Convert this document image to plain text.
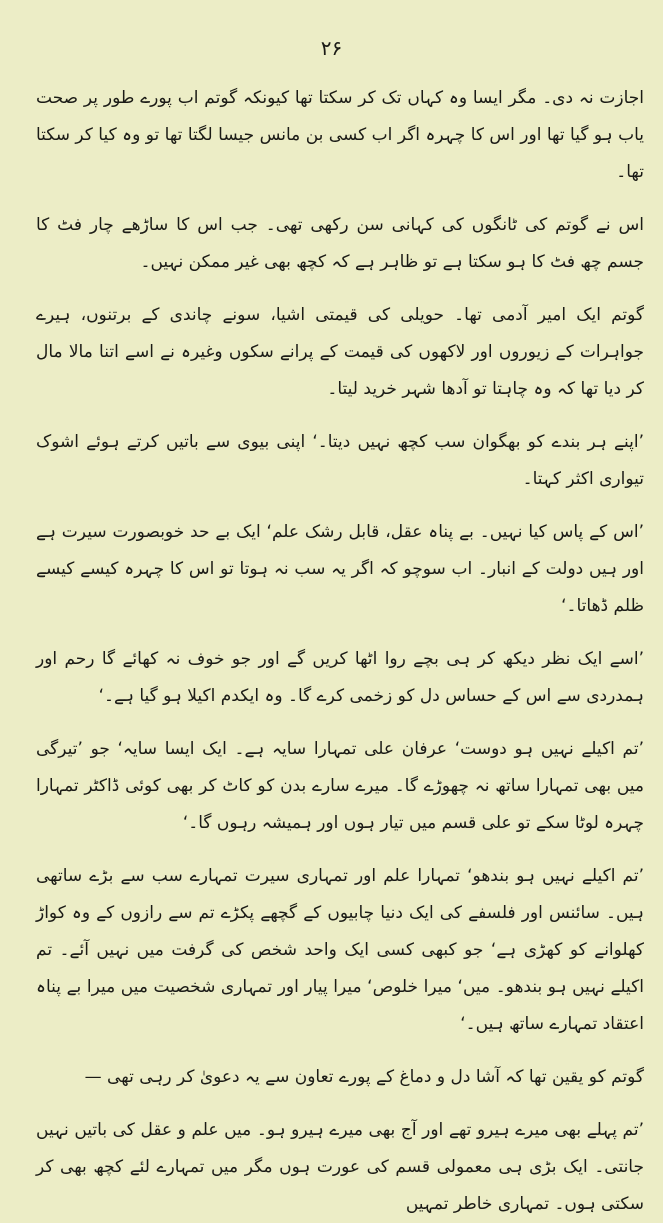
۲۶

اجازت نہ دی۔ مگر ایسا وہ کہاں تک کر سکتا تھا کیونکہ گوتم اب پورے طور پر صحت یاب ہو گیا تھا اور اس کا چہرہ اگر اب کسی بن مانس جیسا لگتا تھا تو وہ کیا کر سکتا تھا۔

اس نے گوتم کی ٹانگوں کی کہانی سن رکھی تھی۔ جب اس کا ساڑھے چار فٹ کا جسم چھ فٹ کا ہو سکتا ہے تو ظاہر ہے کہ کچھ بھی غیر ممکن نہیں۔

گوتم ایک امیر آدمی تھا۔ حویلی کی قیمتی اشیا، سونے چاندی کے برتنوں، ہیرے جواہرات کے زیوروں اور لاکھوں کی قیمت کے پرانے سکوں وغیرہ نے اسے اتنا مالا مال کر دیا تھا کہ وہ چاہتا تو آدھا شہر خرید لیتا۔

’اپنے ہر بندے کو بھگوان سب کچھ نہیں دیتا۔‘ اپنی بیوی سے باتیں کرتے ہوئے اشوک تیواری اکثر کہتا۔

’اس کے پاس کیا نہیں۔ بے پناہ عقل، قابل رشک علم‘ ایک بے حد خوبصورت سیرت ہے اور ہیں دولت کے انبار۔ اب سوچو کہ اگر یہ سب نہ ہوتا تو اس کا چہرہ کیسے کیسے ظلم ڈھاتا۔‘

’اسے ایک نظر دیکھ کر ہی بچے روا اٹھا کریں گے اور جو خوف نہ کھائے گا رحم اور ہمدردی سے اس کے حساس دل کو زخمی کرے گا۔ وہ ایکدم اکیلا ہو گیا ہے۔‘

’تم اکیلے نہیں ہو دوست‘ عرفان علی تمہارا سایہ ہے۔ ایک ایسا سایہ‘ جو ’تیرگی میں بھی تمہارا ساتھ نہ چھوڑے گا۔ میرے سارے بدن کو کاٹ کر بھی کوئی ڈاکٹر تمہارا چہرہ لوٹا سکے تو علی قسم میں تیار ہوں اور ہمیشہ رہوں گا۔‘

’تم اکیلے نہیں ہو بندھو‘ تمہارا علم اور تمہاری سیرت تمہارے سب سے بڑے ساتھی ہیں۔ سائنس اور فلسفے کی ایک دنیا چابیوں کے گچھے پکڑے تم سے رازوں کے وہ کواڑ کھلوانے کو کھڑی ہے‘ جو کبھی کسی ایک واحد شخص کی گرفت میں نہیں آئے۔ تم اکیلے نہیں ہو بندھو۔ میں‘ میرا خلوص‘ میرا پیار اور تمہاری شخصیت میں میرا بے پناہ اعتقاد تمہارے ساتھ ہیں۔‘

گوتم کو یقین تھا کہ آشا دل و دماغ کے پورے تعاون سے یہ دعویٰ کر رہی تھی —

’تم پہلے بھی میرے ہیرو تھے اور آج بھی میرے ہیرو ہو۔ میں علم و عقل کی باتیں نہیں جانتی۔ ایک بڑی ہی معمولی قسم کی عورت ہوں مگر میں تمہارے لئے کچھ بھی کر سکتی ہوں۔ تمہاری خاطر تمہیں
